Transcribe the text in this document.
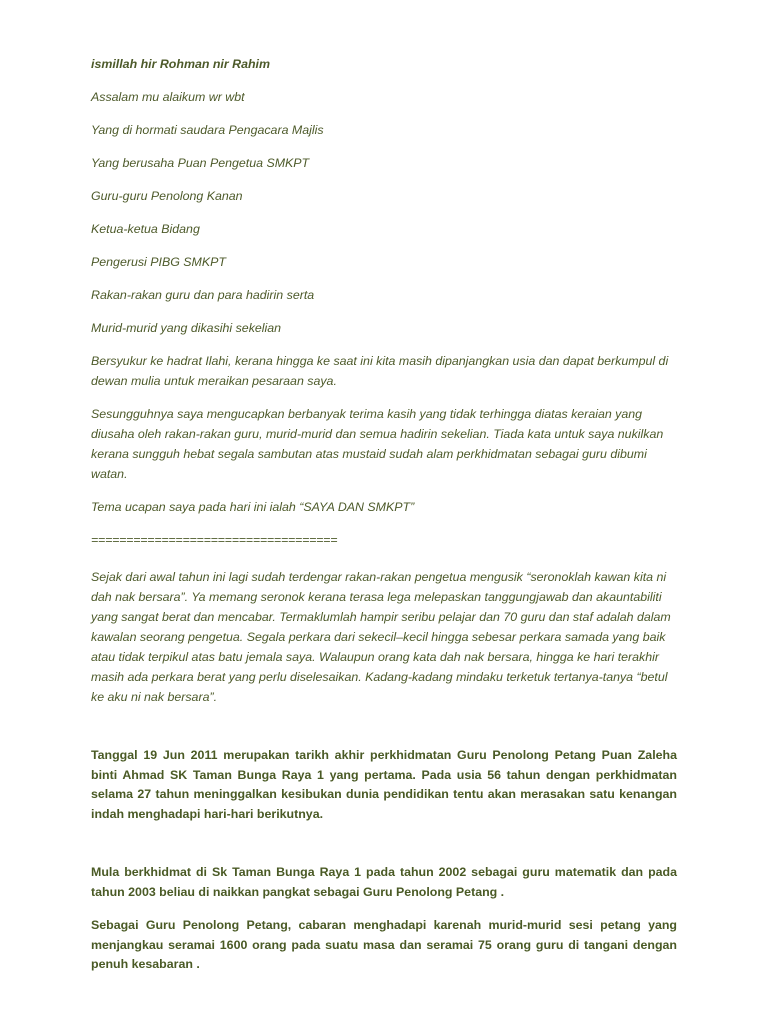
ismillah hir Rohman nir Rahim

Assalam mu alaikum wr wbt

Yang di hormati saudara Pengacara Majlis

Yang berusaha Puan Pengetua SMKPT

Guru-guru Penolong Kanan

Ketua-ketua Bidang

Pengerusi PIBG SMKPT

Rakan-rakan guru dan para hadirin serta

Murid-murid yang dikasihi sekelian

Bersyukur ke hadrat Ilahi, kerana hingga ke saat ini kita masih dipanjangkan usia dan dapat berkumpul di dewan mulia untuk meraikan pesaraan saya.

Sesungguhnya saya mengucapkan berbanyak terima kasih yang tidak terhingga diatas keraian yang diusaha oleh rakan-rakan guru, murid-murid dan semua hadirin sekelian. Tiada kata untuk saya nukilkan kerana sungguh hebat segala sambutan atas mustaid sudah alam perkhidmatan sebagai guru dibumi watan.

Tema ucapan saya pada hari ini ialah “SAYA DAN SMKPT”

===================================

Sejak dari awal tahun ini lagi sudah terdengar rakan-rakan pengetua mengusik “seronoklah kawan kita ni dah nak bersara”. Ya memang seronok kerana terasa lega melepaskan tanggungjawab dan akauntabiliti yang sangat berat dan mencabar. Termaklumlah hampir seribu pelajar dan 70 guru dan staf adalah dalam kawalan seorang pengetua. Segala perkara dari sekecil–kecil hingga sebesar perkara samada yang baik atau tidak terpikul atas batu jemala saya. Walaupun orang kata dah nak bersara, hingga ke hari terakhir masih ada perkara berat yang perlu diselesaikan. Kadang-kadang mindaku terketuk tertanya-tanya “betul ke aku ni nak bersara”.

Tanggal 19 Jun 2011 merupakan tarikh akhir perkhidmatan Guru Penolong Petang Puan Zaleha binti Ahmad SK Taman Bunga Raya 1 yang pertama. Pada usia 56 tahun dengan perkhidmatan selama 27 tahun meninggalkan kesibukan dunia pendidikan tentu akan merasakan satu kenangan indah menghadapi hari-hari berikutnya.

Mula berkhidmat di Sk Taman Bunga Raya 1 pada tahun 2002 sebagai guru matematik dan pada tahun 2003 beliau di naikkan pangkat sebagai Guru Penolong Petang .

Sebagai Guru Penolong Petang, cabaran menghadapi karenah murid-murid sesi petang yang menjangkau seramai 1600 orang pada suatu masa dan seramai 75 orang guru di tangani dengan penuh kesabaran .
